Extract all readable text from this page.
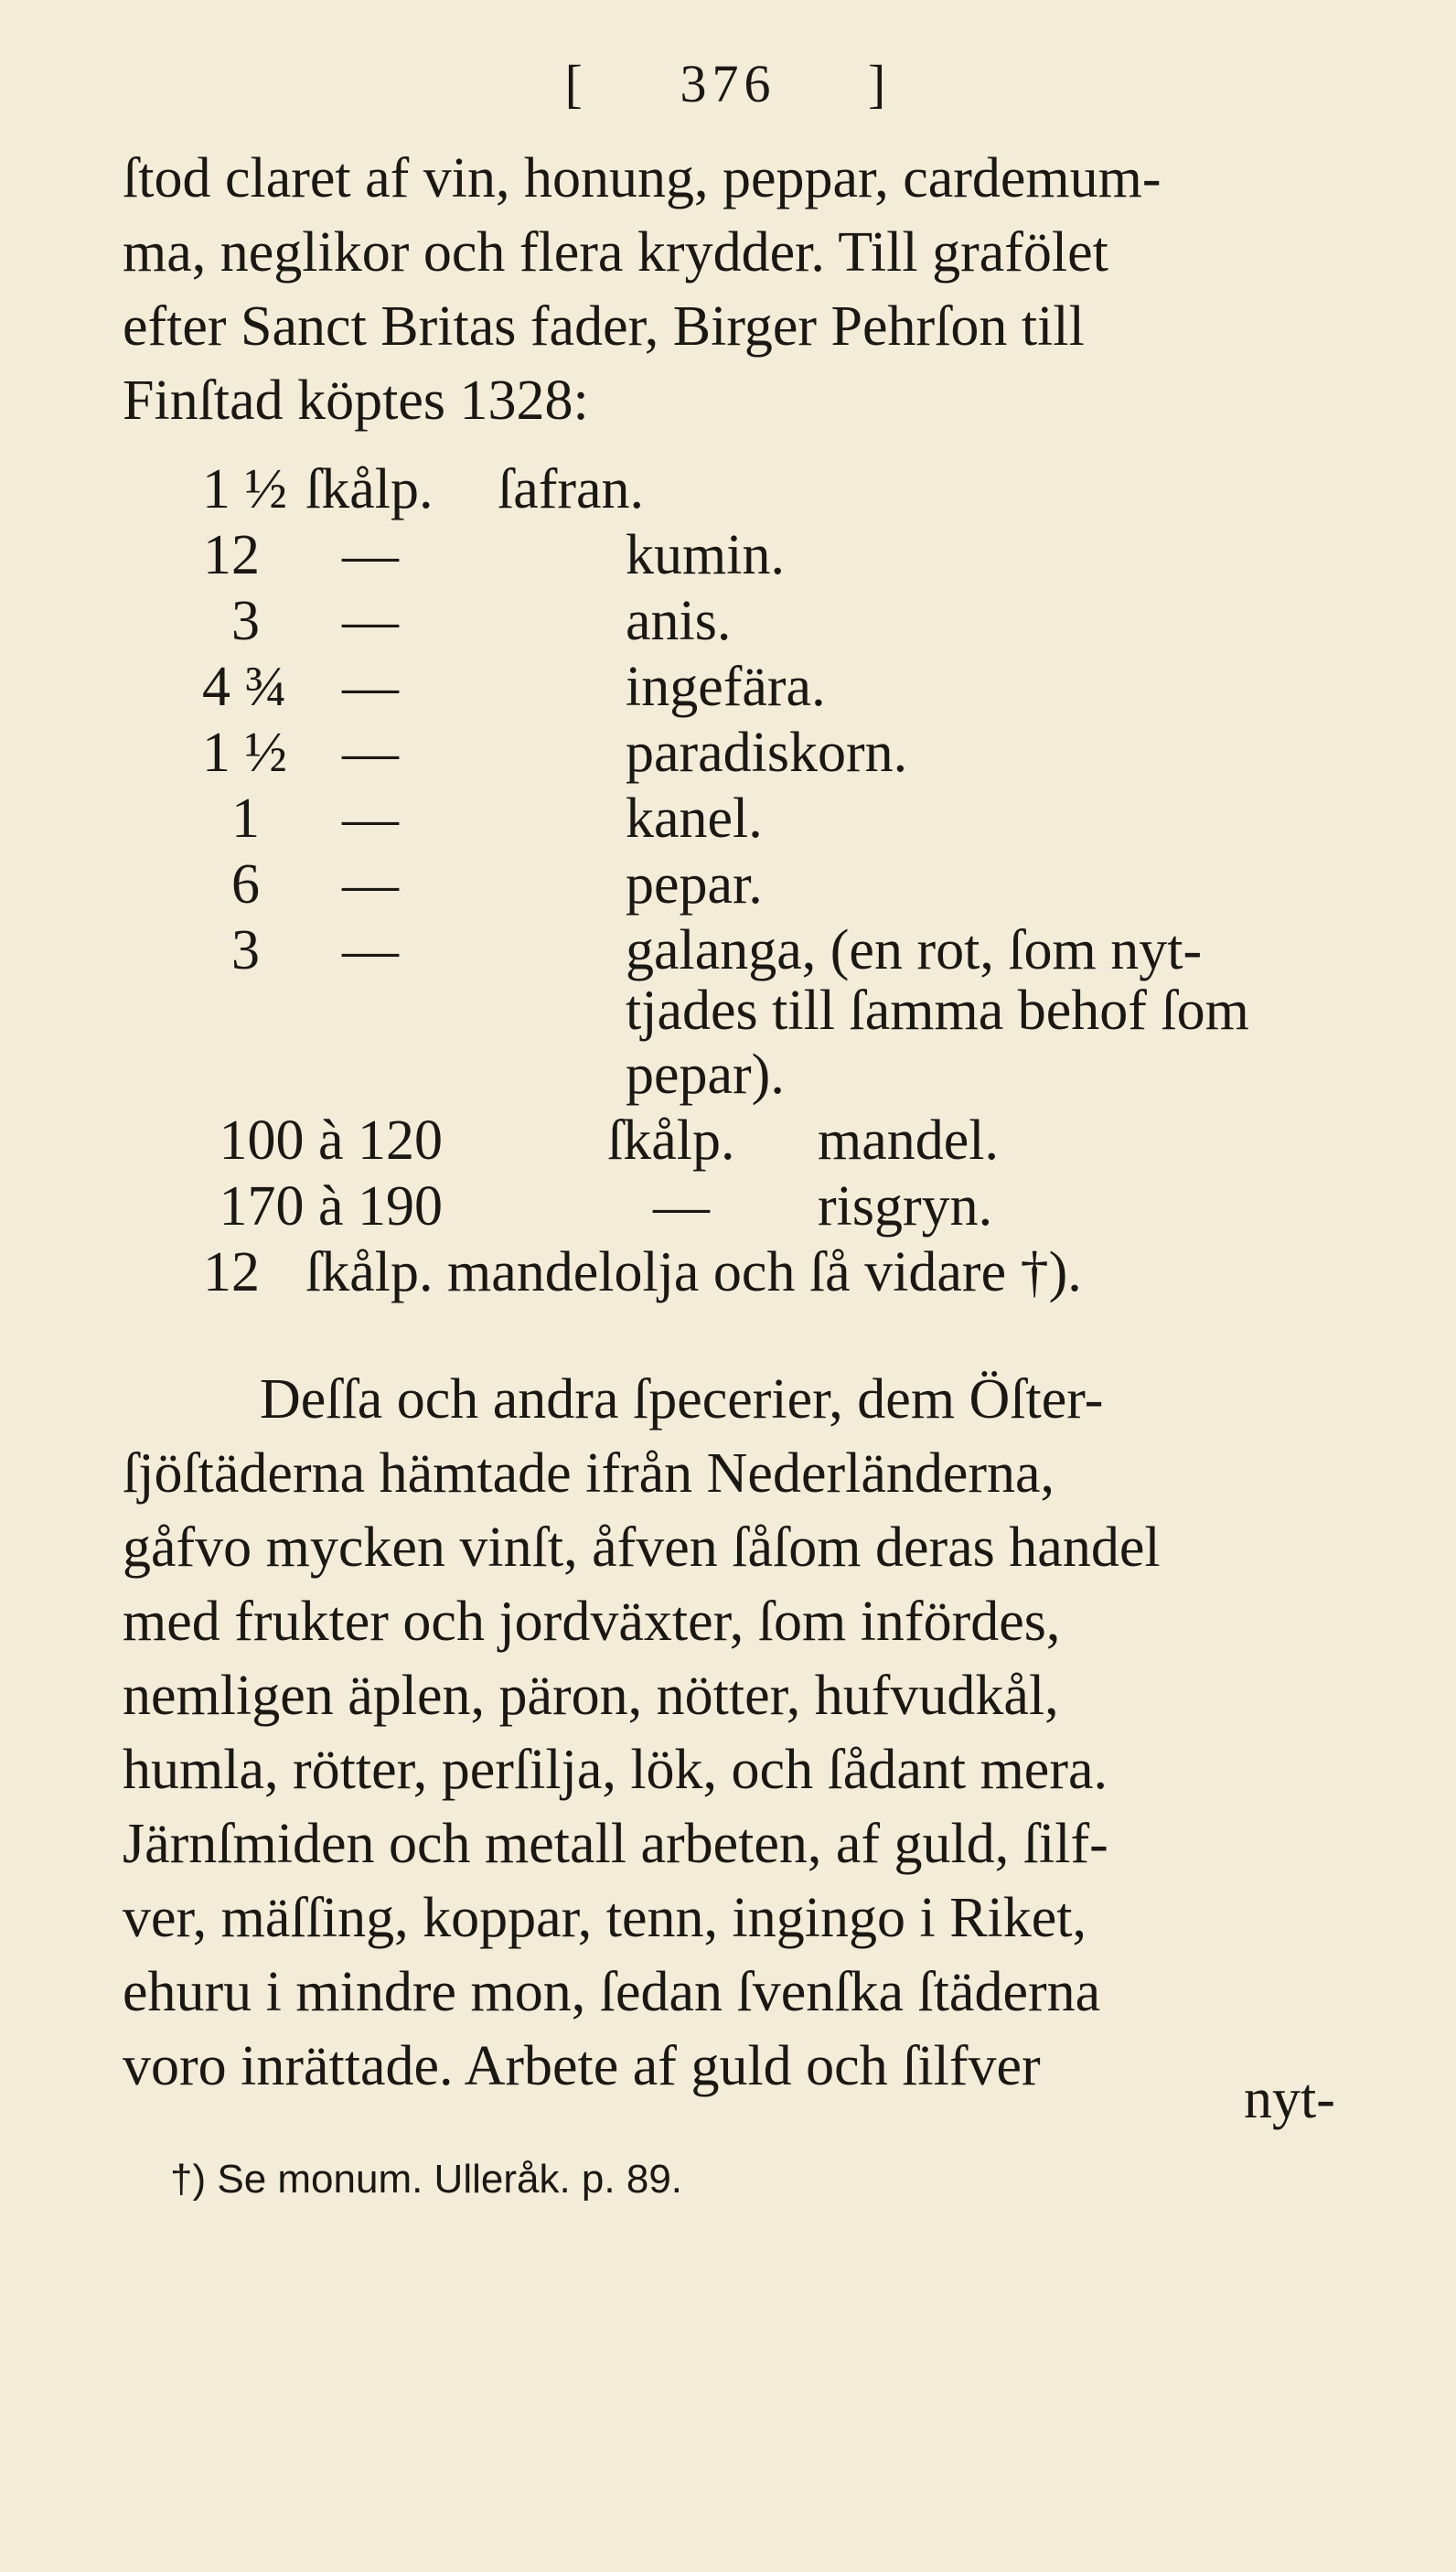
[ 376 ]
ſtod claret af vin, honung, peppar, cardemum-
ma, neglikor och flera krydder. Till grafölet
efter Sanct Britas fader, Birger Pehrſon till
Finſtad köptes 1328:
1 ½ ſkålp. ſafran.
12 —	kumin.
3 —	anis.
4 ¾ —	ingefära.
1 ½ —	paradiskorn.
1 —	kanel.
6 —	pepar.
3 —	galanga, (en rot, ſom nyt-
tjades till ſamma behof ſom
pepar).
100 à 120	ſkålp. mandel.
170 à 190	— risgryn.
12 ſkålp. mandelolja och ſå vidare †).
Deſſa och andra ſpecerier, dem Öſter-
ſjöſtäderna hämtade ifrån Nederländerna,
gåfvo mycken vinſt, åfven ſåſom deras handel
med frukter och jordväxter, ſom infördes,
nemligen äplen, päron, nötter, hufvudkål,
humla, rötter, perſilja, lök, och ſådant mera.
Järnſmiden och metall arbeten, af guld, ſilf-
ver, mäſſing, koppar, tenn, ingingo i Riket,
ehuru i mindre mon, ſedan ſvenſka ſtäderna
voro inrättade. Arbete af guld och ſilfver
nyt-
†) Se monum. Ulleråk. p. 89.
